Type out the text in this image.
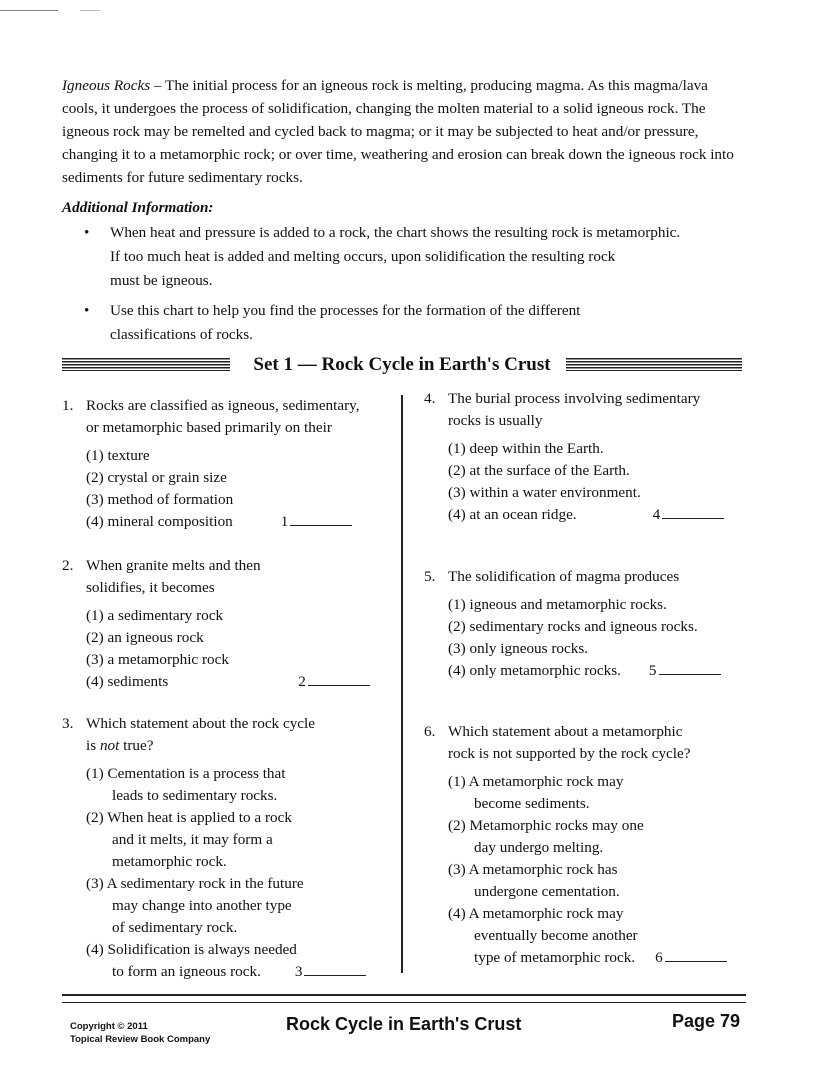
Igneous Rocks – The initial process for an igneous rock is melting, producing magma. As this magma/lava cools, it undergoes the process of solidification, changing the molten material to a solid igneous rock. The igneous rock may be remelted and cycled back to magma; or it may be subjected to heat and/or pressure, changing it to a metamorphic rock; or over time, weathering and erosion can break down the igneous rock into sediments for future sedimentary rocks.
Additional Information:
• When heat and pressure is added to a rock, the chart shows the resulting rock is metamorphic.
If too much heat is added and melting occurs, upon solidification the resulting rock
must be igneous.
• Use this chart to help you find the processes for the formation of the different
classifications of rocks.
Set 1 — Rock Cycle in Earth's Crust
1. Rocks are classified as igneous, sedimentary,
or metamorphic based primarily on their
(1) texture
(2) crystal or grain size
(3) method of formation
(4) mineral composition	1
2. When granite melts and then
solidifies, it becomes
(1) a sedimentary rock
(2) an igneous rock
(3) a metamorphic rock
(4) sediments	2
3. Which statement about the rock cycle
is not true?
(1) Cementation is a process that
leads to sedimentary rocks.
(2) When heat is applied to a rock
and it melts, it may form a
metamorphic rock.
(3) A sedimentary rock in the future
may change into another type
of sedimentary rock.
(4) Solidification is always needed
to form an igneous rock. 3
4. The burial process involving sedimentary
rocks is usually
(1) deep within the Earth.
(2) at the surface of the Earth.
(3) within a water environment.
(4) at an ocean ridge.	4
5. The solidification of magma produces
(1) igneous and metamorphic rocks.
(2) sedimentary rocks and igneous rocks.
(3) only igneous rocks.
(4) only metamorphic rocks. 5
6. Which statement about a metamorphic
rock is not supported by the rock cycle?
(1) A metamorphic rock may
become sediments.
(2) Metamorphic rocks may one
day undergo melting.
(3) A metamorphic rock has
undergone cementation.
(4) A metamorphic rock may
eventually become another
type of metamorphic rock. 6
Copyright © 2011
Topical Review Book Company
Rock Cycle in Earth's Crust	Page 79
